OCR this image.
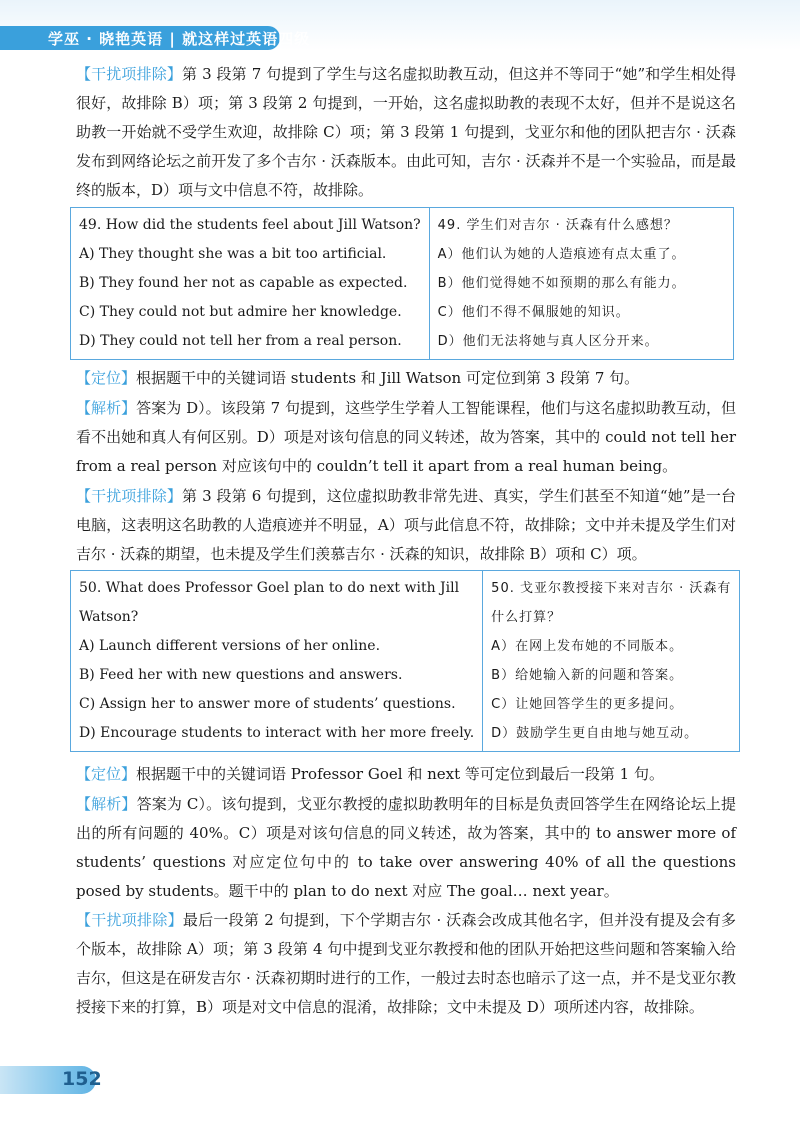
学巫 · 晓艳英语 | 就这样过英语四级

【干扰项排除】第 3 段第 7 句提到了学生与这名虚拟助教互动，但这并不等同于“她”和学生相处得很好，故排除 B）项；第 3 段第 2 句提到，一开始，这名虚拟助教的表现不太好，但并不是说这名助教一开始就不受学生欢迎，故排除 C）项；第 3 段第 1 句提到，戈亚尔和他的团队把吉尔 · 沃森发布到网络论坛之前开发了多个吉尔 · 沃森版本。由此可知，吉尔 · 沃森并不是一个实验品，而是最终的版本，D）项与文中信息不符，故排除。

49. How did the students feel about Jill Watson?
A) They thought she was a bit too artificial.
B) They found her not as capable as expected.
C) They could not but admire her knowledge.
D) They could not tell her from a real person.

49. 学生们对吉尔 · 沃森有什么感想？
A）他们认为她的人造痕迹有点太重了。
B）他们觉得她不如预期的那么有能力。
C）他们不得不佩服她的知识。
D）他们无法将她与真人区分开来。

【定位】根据题干中的关键词语 students 和 Jill Watson 可定位到第 3 段第 7 句。

【解析】答案为 D）。该段第 7 句提到，这些学生学着人工智能课程，他们与这名虚拟助教互动，但看不出她和真人有何区别。D）项是对该句信息的同义转述，故为答案，其中的 could not tell her from a real person 对应该句中的 couldn’t tell it apart from a real human being。

【干扰项排除】第 3 段第 6 句提到，这位虚拟助教非常先进、真实，学生们甚至不知道“她”是一台电脑，这表明这名助教的人造痕迹并不明显，A）项与此信息不符，故排除；文中并未提及学生们对吉尔 · 沃森的期望，也未提及学生们羡慕吉尔 · 沃森的知识，故排除 B）项和 C）项。

50. What does Professor Goel plan to do next with Jill
Watson?
A) Launch different versions of her online.
B) Feed her with new questions and answers.
C) Assign her to answer more of students’ questions.
D) Encourage students to interact with her more freely.

50. 戈亚尔教授接下来对吉尔 · 沃森有
什么打算？
A）在网上发布她的不同版本。
B）给她输入新的问题和答案。
C）让她回答学生的更多提问。
D）鼓励学生更自由地与她互动。

【定位】根据题干中的关键词语 Professor Goel 和 next 等可定位到最后一段第 1 句。

【解析】答案为 C）。该句提到，戈亚尔教授的虚拟助教明年的目标是负责回答学生在网络论坛上提出的所有问题的 40%。C）项是对该句信息的同义转述，故为答案，其中的 to answer more of students’ questions 对应定位句中的 to take over answering 40% of all the questions posed by students。题干中的 plan to do next 对应 The goal… next year。

【干扰项排除】最后一段第 2 句提到，下个学期吉尔 · 沃森会改成其他名字，但并没有提及会有多个版本，故排除 A）项；第 3 段第 4 句中提到戈亚尔教授和他的团队开始把这些问题和答案输入给吉尔，但这是在研发吉尔 · 沃森初期时进行的工作，一般过去时态也暗示了这一点，并不是戈亚尔教授接下来的打算，B）项是对文中信息的混淆，故排除；文中未提及 D）项所述内容，故排除。

152
